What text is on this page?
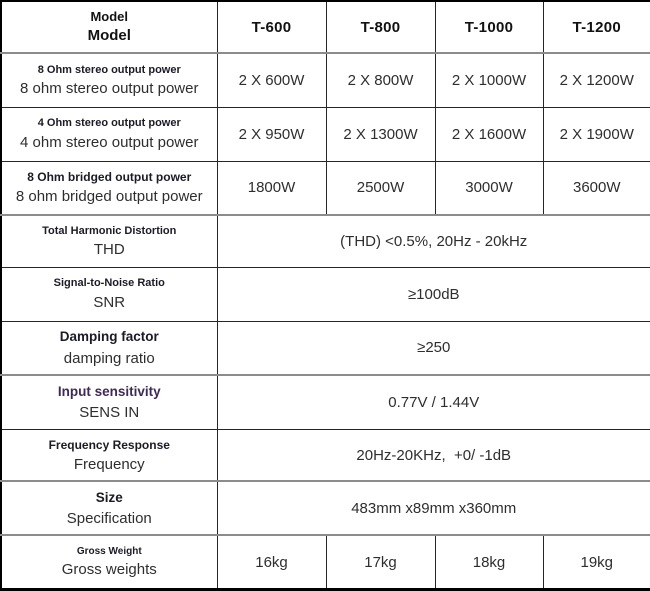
Model
Model	T-600	T-800	T-1000	T-1200

8 Ohm stereo output power
8 ohm stereo output power	2 X 600W	2 X 800W	2 X 1000W	2 X 1200W

4 Ohm stereo output power
4 ohm stereo output power	2 X 950W	2 X 1300W	2 X 1600W	2 X 1900W

8 Ohm bridged output power
8 ohm bridged output power	1800W	2500W	3000W	3600W

Total Harmonic Distortion
THD	(THD) <0.5%, 20Hz - 20kHz			

Signal-to-Noise Ratio
SNR	≥100dB			

Damping factor
damping ratio	≥250			

Input sensitivity
SENS IN	0.77V / 1.44V			

Frequency Response
Frequency	20Hz-20KHz,  +0/ -1dB			

Size
Specification	483mm x89mm x360mm			

Gross Weight
Gross weights	16kg	17kg	18kg	19kg
